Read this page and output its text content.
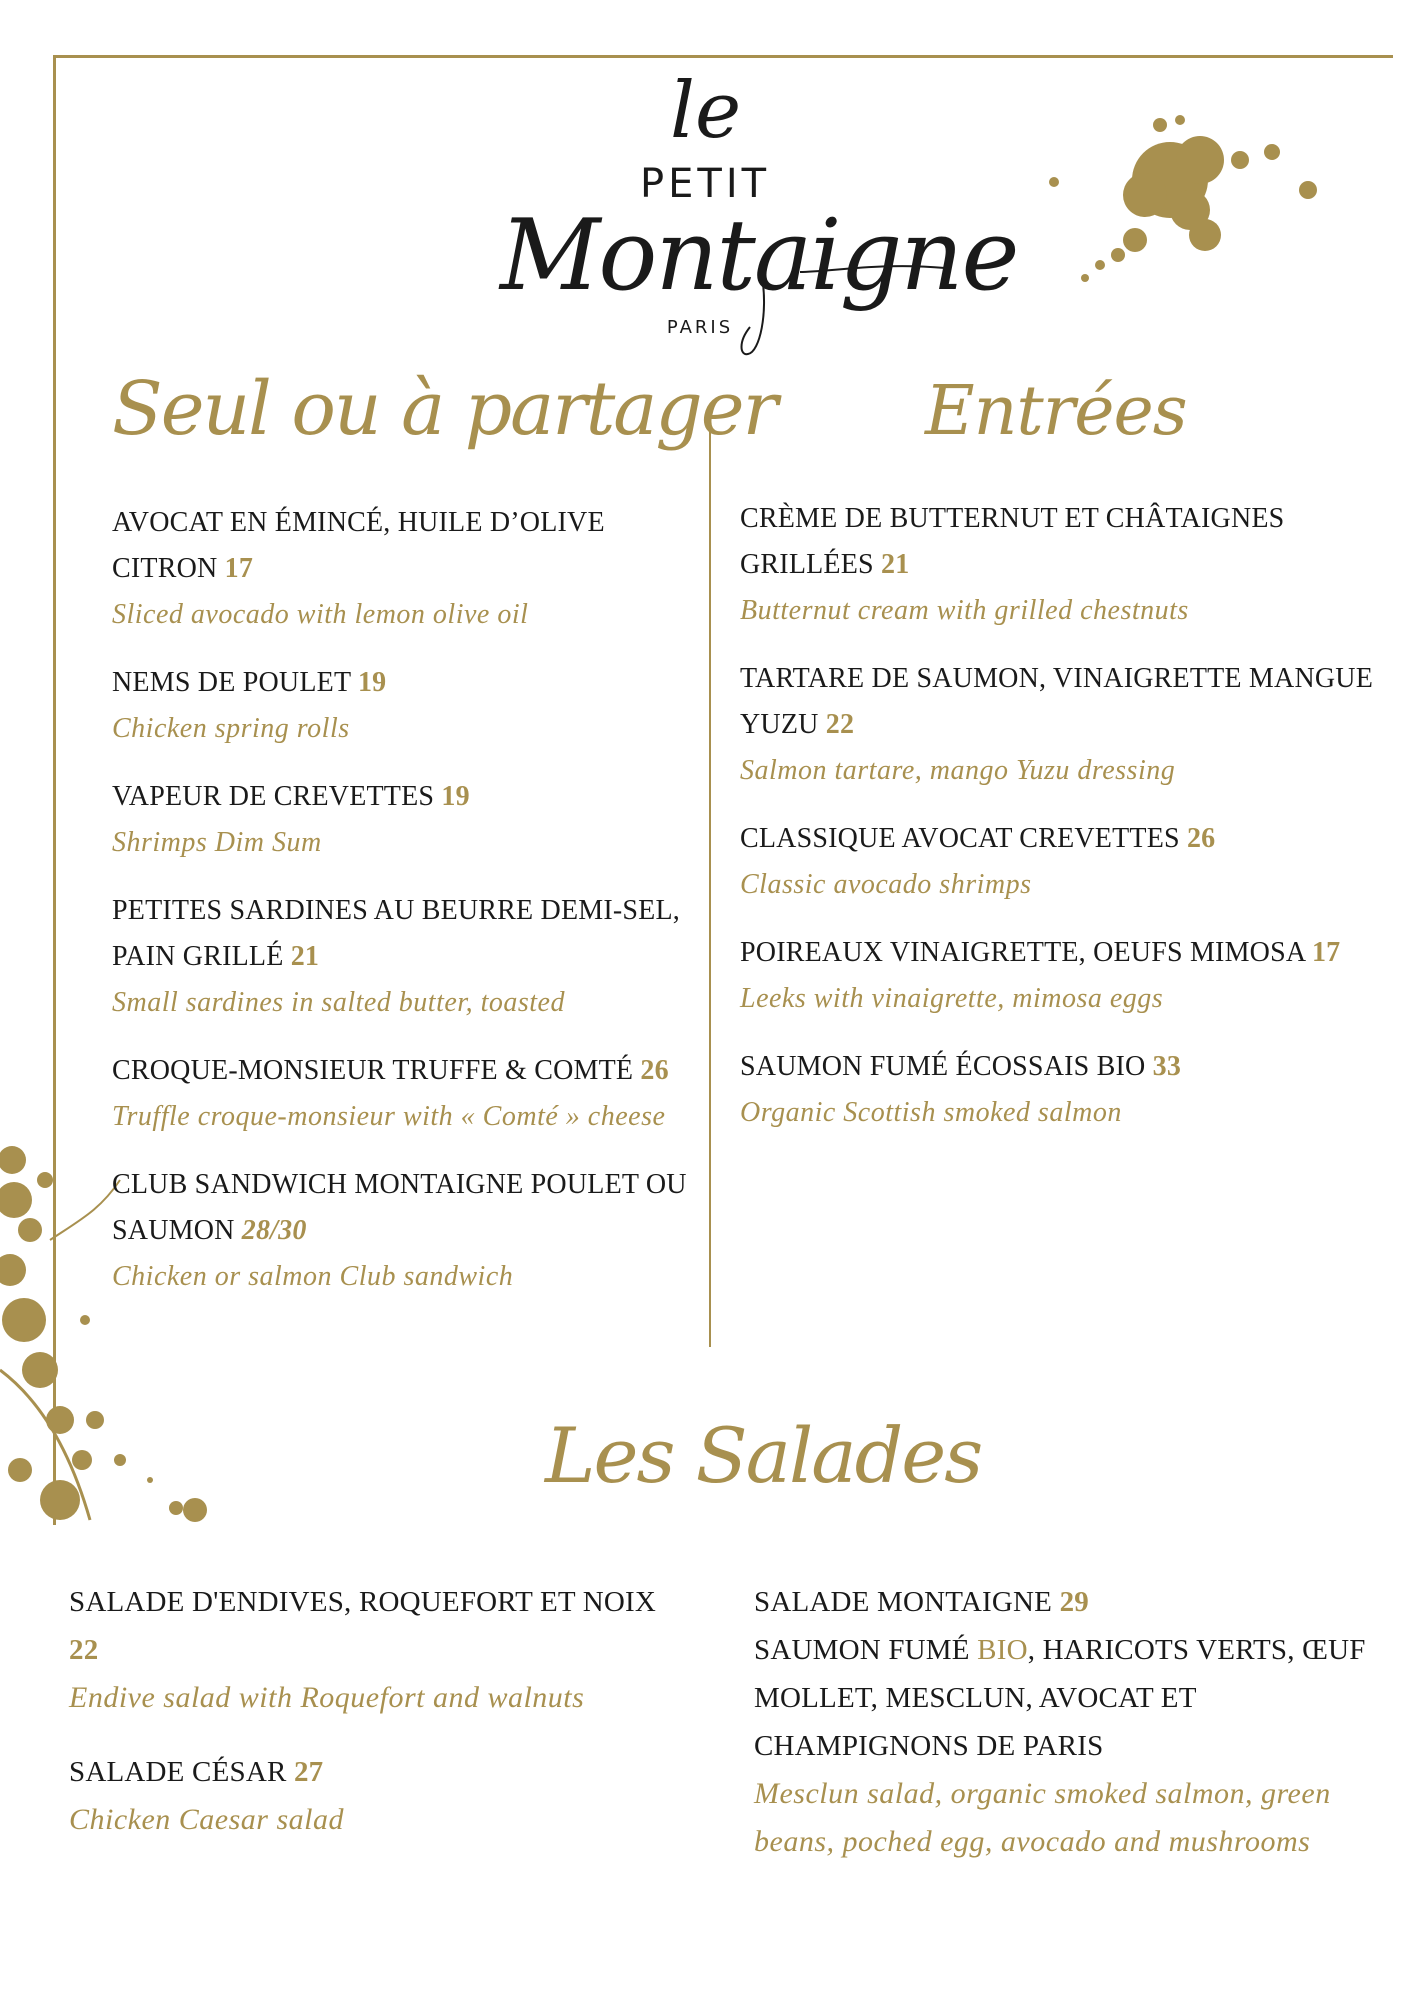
le
PETIT
Montaigne
PARIS
Seul ou à partager Entrées
Les Salades
AVOCAT EN ÉMINCÉ, HUILE D’OLIVE CITRON 17
Sliced avocado with lemon olive oil
NEMS DE POULET 19
Chicken spring rolls
VAPEUR DE CREVETTES 19
Shrimps Dim Sum
PETITES SARDINES AU BEURRE DEMI-SEL, PAIN GRILLÉ 21
Small sardines in salted butter, toasted
CROQUE-MONSIEUR TRUFFE & COMTÉ 26
Truffle croque-monsieur with « Comté » cheese
CLUB SANDWICH MONTAIGNE POULET OU SAUMON 28/30
Chicken or salmon Club sandwich
CRÈME DE BUTTERNUT ET CHÂTAIGNES GRILLÉES 21
Butternut cream with grilled chestnuts
TARTARE DE SAUMON, VINAIGRETTE MANGUE YUZU 22
Salmon tartare, mango Yuzu dressing
CLASSIQUE AVOCAT CREVETTES 26
Classic avocado shrimps
POIREAUX VINAIGRETTE, OEUFS MIMOSA 17
Leeks with vinaigrette, mimosa eggs
SAUMON FUMÉ ÉCOSSAIS BIO 33
Organic Scottish smoked salmon
SALADE D'ENDIVES, ROQUEFORT ET NOIX 22
Endive salad with Roquefort and walnuts
SALADE CÉSAR 27
Chicken Caesar salad
SALADE MONTAIGNE 29
SAUMON FUMÉ BIO, HARICOTS VERTS, ŒUF MOLLET, MESCLUN, AVOCAT ET CHAMPIGNONS DE PARIS
Mesclun salad, organic smoked salmon, green beans, poched egg, avocado and mushrooms
